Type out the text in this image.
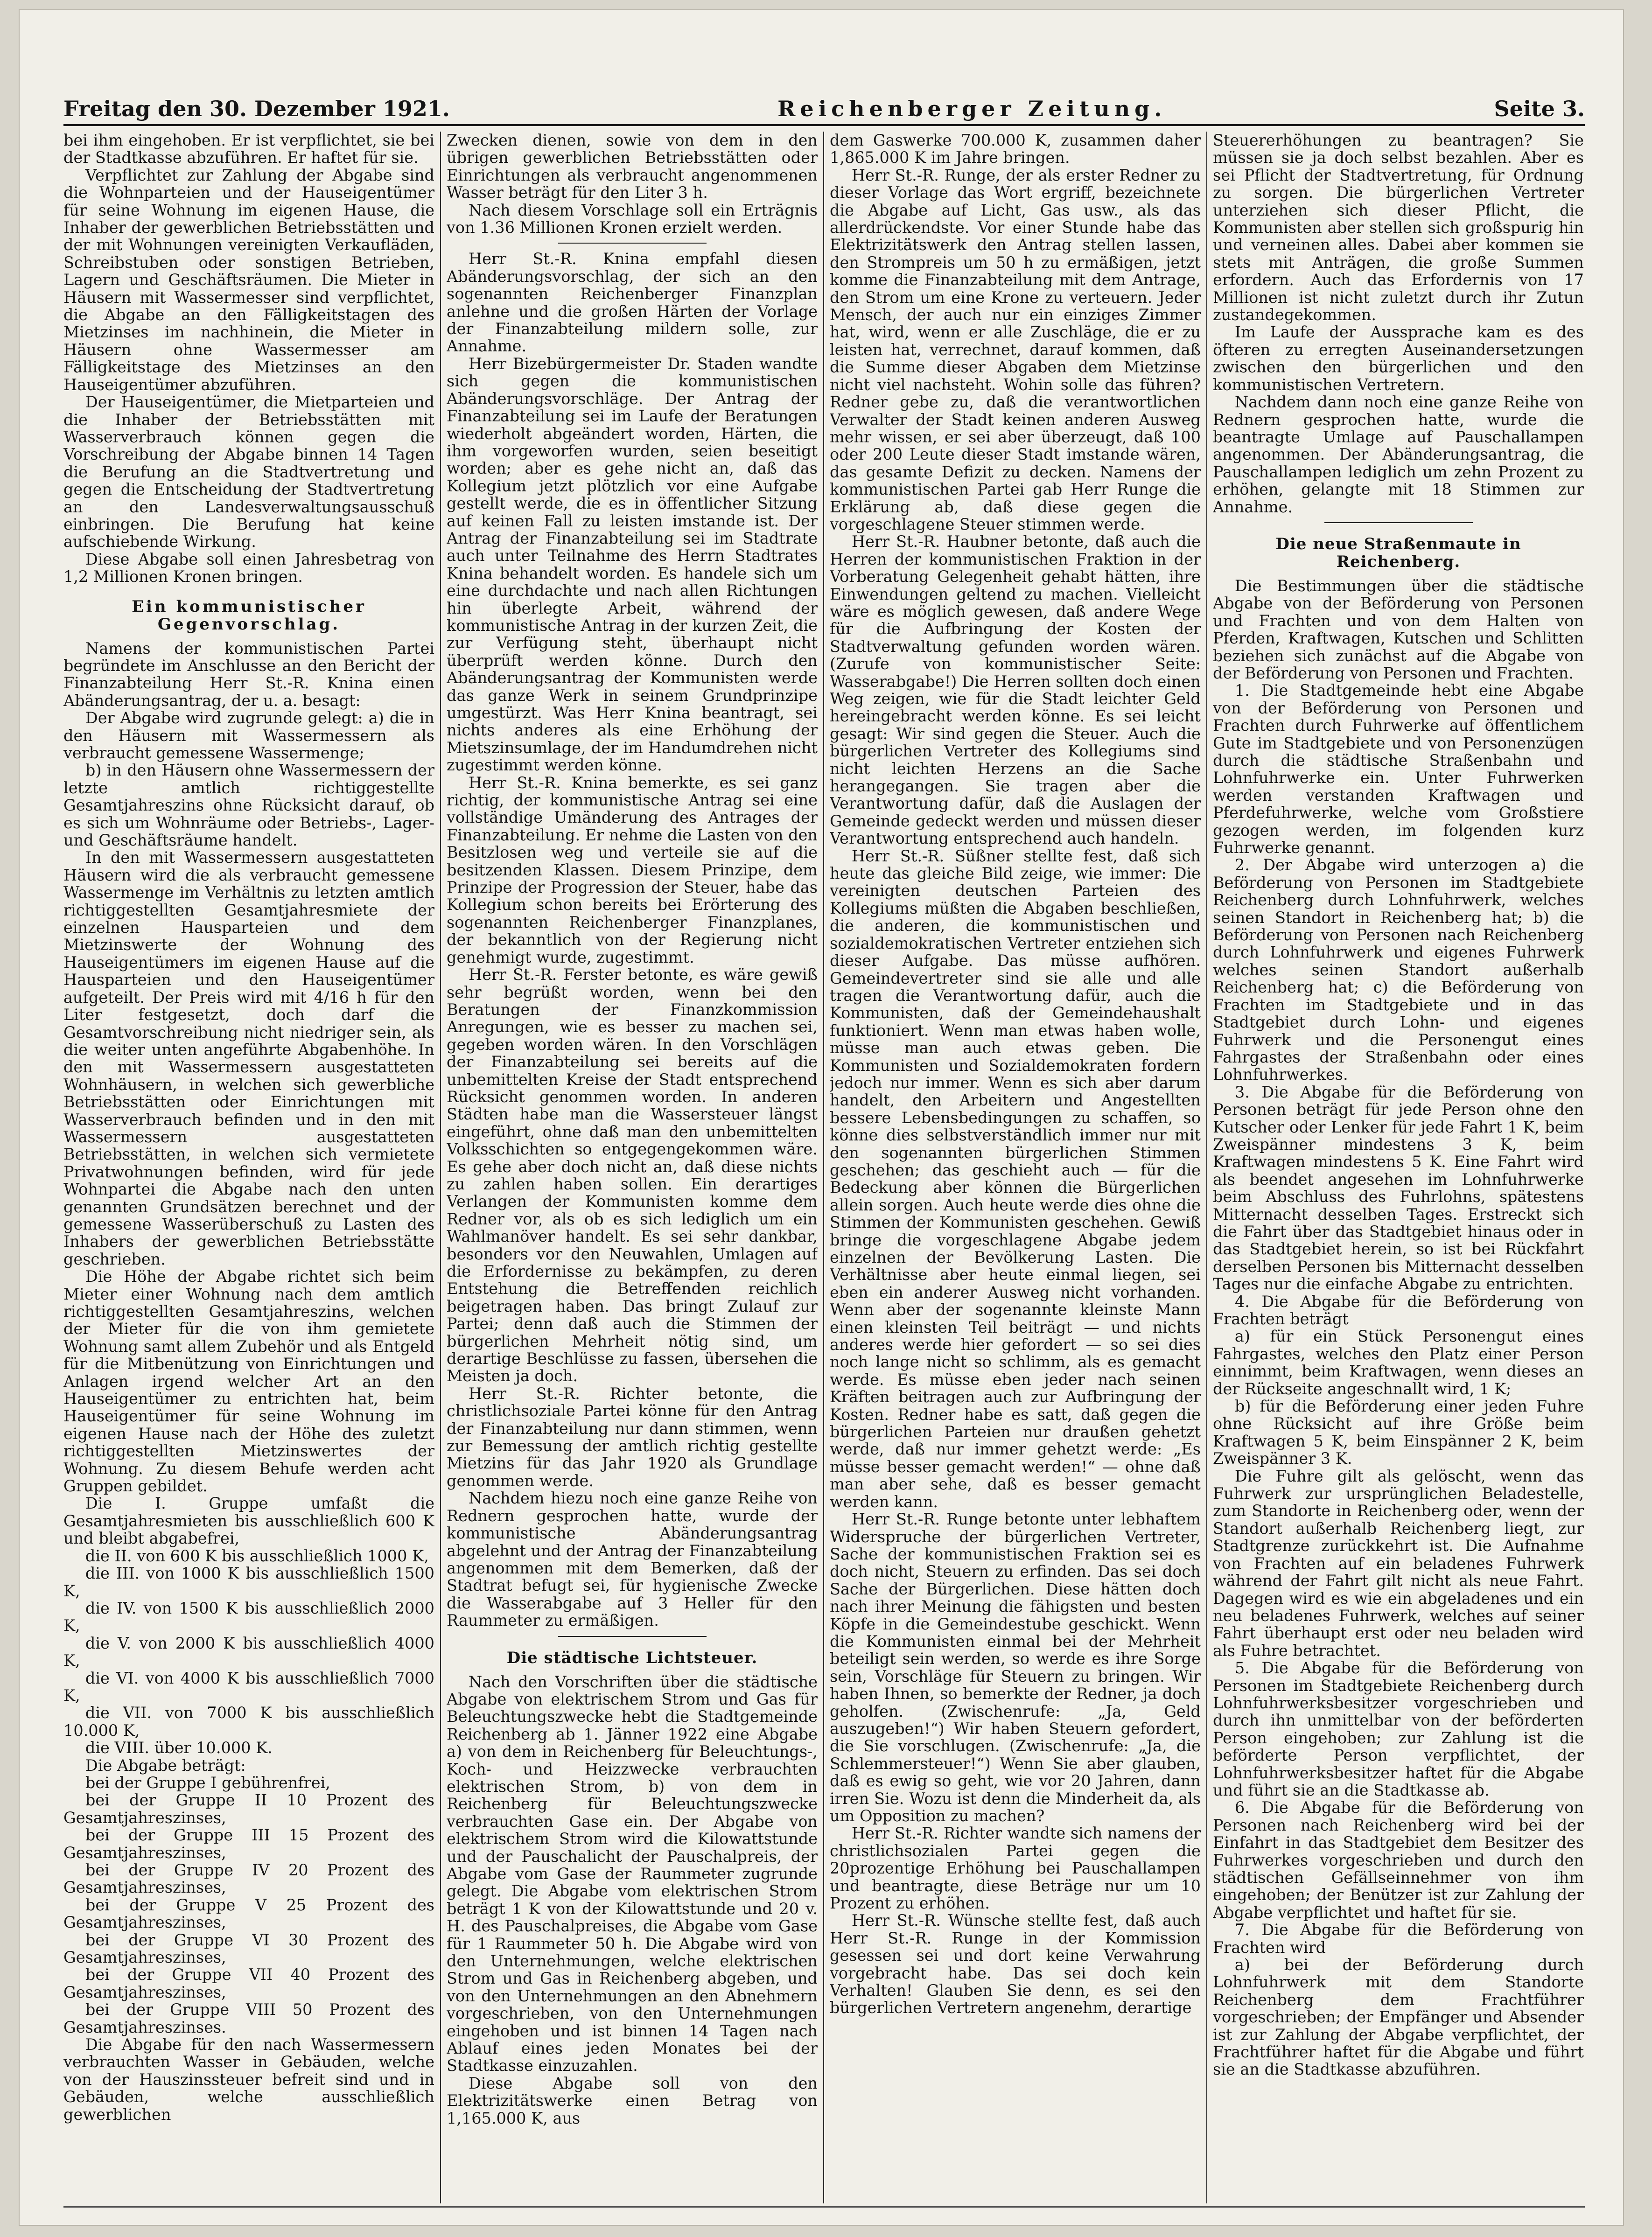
Freitag den 30. Dezember 1921.	Reichenberger Zeitung.	Seite 3.

bei ihm eingehoben. Er ist verpflichtet, sie bei der Stadtkasse abzuführen. Er haftet für sie.

Verpflichtet zur Zahlung der Abgabe sind die Wohnparteien und der Hauseigentümer für seine Wohnung im eigenen Hause, die Inhaber der gewerblichen Betriebsstätten und der mit Wohnungen vereinigten Verkaufläden, Schreibstuben oder sonstigen Betrieben, Lagern und Geschäftsräumen. Die Mieter in Häusern mit Wassermesser sind verpflichtet, die Abgabe an den Fälligkeitstagen des Mietzinses im nachhinein, die Mieter in Häusern ohne Wassermesser am Fälligkeitstage des Mietzinses an den Hauseigentümer abzuführen.

Der Hauseigentümer, die Mietparteien und die Inhaber der Betriebsstätten mit Wasserverbrauch können gegen die Vorschreibung der Abgabe binnen 14 Tagen die Berufung an die Stadtvertretung und gegen die Entscheidung der Stadtvertretung an den Landesverwaltungsausschuß einbringen. Die Berufung hat keine aufschiebende Wirkung.

Diese Abgabe soll einen Jahresbetrag von 1,2 Millionen Kronen bringen.

Ein kommunistischer Gegenvorschlag.

Namens der kommunistischen Partei begründete im Anschlusse an den Bericht der Finanzabteilung Herr St.-R. Knina einen Abänderungsantrag, der u. a. besagt:

Der Abgabe wird zugrunde gelegt: a) die in den Häusern mit Wassermessern als verbraucht gemessene Wassermenge;

b) in den Häusern ohne Wassermessern der letzte amtlich richtiggestellte Gesamtjahreszins ohne Rücksicht darauf, ob es sich um Wohnräume oder Betriebs-, Lager- und Geschäftsräume handelt.

In den mit Wassermessern ausgestatteten Häusern wird die als verbraucht gemessene Wassermenge im Verhältnis zu letzten amtlich richtiggestellten Gesamtjahresmiete der einzelnen Hausparteien und dem Mietzinswerte der Wohnung des Hauseigentümers im eigenen Hause auf die Hausparteien und den Hauseigentümer aufgeteilt. Der Preis wird mit 4/16 h für den Liter festgesetzt, doch darf die Gesamtvorschreibung nicht niedriger sein, als die weiter unten angeführte Abgabenhöhe. In den mit Wassermessern ausgestatteten Wohnhäusern, in welchen sich gewerbliche Betriebsstätten oder Einrichtungen mit Wasserverbrauch befinden und in den mit Wassermessern ausgestatteten Betriebsstätten, in welchen sich vermietete Privatwohnungen befinden, wird für jede Wohnpartei die Abgabe nach den unten genannten Grundsätzen berechnet und der gemessene Wasserüberschuß zu Lasten des Inhabers der gewerblichen Betriebsstätte geschrieben.

Die Höhe der Abgabe richtet sich beim Mieter einer Wohnung nach dem amtlich richtiggestellten Gesamtjahreszins, welchen der Mieter für die von ihm gemietete Wohnung samt allem Zubehör und als Entgeld für die Mitbenützung von Einrichtungen und Anlagen irgend welcher Art an den Hauseigentümer zu entrichten hat, beim Hauseigentümer für seine Wohnung im eigenen Hause nach der Höhe des zuletzt richtiggestellten Mietzinswertes der Wohnung. Zu diesem Behufe werden acht Gruppen gebildet.

Die I. Gruppe umfaßt die Gesamtjahresmieten bis ausschließlich 600 K und bleibt abgabefrei,

die II. von 600 K bis ausschließlich 1000 K,
die III. von 1000 K bis ausschließlich 1500 K,
die IV. von 1500 K bis ausschließlich 2000 K,
die V. von 2000 K bis ausschließlich 4000 K,
die VI. von 4000 K bis ausschließlich 7000 K,
die VII. von 7000 K bis ausschließlich 10.000 K,
die VIII. über 10.000 K.

Die Abgabe beträgt:

bei der Gruppe I gebührenfrei,
bei der Gruppe II 10 Prozent des Gesamtjahreszinses,
bei der Gruppe III 15 Prozent des Gesamtjahreszinses,
bei der Gruppe IV 20 Prozent des Gesamtjahreszinses,
bei der Gruppe V 25 Prozent des Gesamtjahreszinses,
bei der Gruppe VI 30 Prozent des Gesamtjahreszinses,
bei der Gruppe VII 40 Prozent des Gesamtjahreszinses,
bei der Gruppe VIII 50 Prozent des Gesamtjahreszinses.

Die Abgabe für den nach Wassermessern verbrauchten Wasser in Gebäuden, welche von der Hauszinssteuer befreit sind und in Gebäuden, welche ausschließlich gewerblichen

Zwecken dienen, sowie von dem in den übrigen gewerblichen Betriebsstätten oder Einrichtungen als verbraucht angenommenen Wasser beträgt für den Liter 3 h.

Nach diesem Vorschlage soll ein Erträgnis von 1.36 Millionen Kronen erzielt werden.

Herr St.-R. Knina empfahl diesen Abänderungsvorschlag, der sich an den sogenannten Reichenberger Finanzplan anlehne und die großen Härten der Vorlage der Finanzabteilung mildern solle, zur Annahme.

Herr Bizebürgermeister Dr. Staden wandte sich gegen die kommunistischen Abänderungsvorschläge. Der Antrag der Finanzabteilung sei im Laufe der Beratungen wiederholt abgeändert worden, Härten, die ihm vorgeworfen wurden, seien beseitigt worden; aber es gehe nicht an, daß das Kollegium jetzt plötzlich vor eine Aufgabe gestellt werde, die es in öffentlicher Sitzung auf keinen Fall zu leisten imstande ist. Der Antrag der Finanzabteilung sei im Stadtrate auch unter Teilnahme des Herrn Stadtrates Knina behandelt worden. Es handele sich um eine durchdachte und nach allen Richtungen hin überlegte Arbeit, während der kommunistische Antrag in der kurzen Zeit, die zur Verfügung steht, überhaupt nicht überprüft werden könne. Durch den Abänderungsantrag der Kommunisten werde das ganze Werk in seinem Grundprinzipe umgestürzt. Was Herr Knina beantragt, sei nichts anderes als eine Erhöhung der Mietszinsumlage, der im Handumdrehen nicht zugestimmt werden könne.

Herr St.-R. Knina bemerkte, es sei ganz richtig, der kommunistische Antrag sei eine vollständige Umänderung des Antrages der Finanzabteilung. Er nehme die Lasten von den Besitzlosen weg und verteile sie auf die besitzenden Klassen. Diesem Prinzipe, dem Prinzipe der Progression der Steuer, habe das Kollegium schon bereits bei Erörterung des sogenannten Reichenberger Finanzplanes, der bekanntlich von der Regierung nicht genehmigt wurde, zugestimmt.

Herr St.-R. Ferster betonte, es wäre gewiß sehr begrüßt worden, wenn bei den Beratungen der Finanzkommission Anregungen, wie es besser zu machen sei, gegeben worden wären. In den Vorschlägen der Finanzabteilung sei bereits auf die unbemittelten Kreise der Stadt entsprechend Rücksicht genommen worden. In anderen Städten habe man die Wassersteuer längst eingeführt, ohne daß man den unbemittelten Volksschichten so entgegengekommen wäre. Es gehe aber doch nicht an, daß diese nichts zu zahlen haben sollen. Ein derartiges Verlangen der Kommunisten komme dem Redner vor, als ob es sich lediglich um ein Wahlmanöver handelt. Es sei sehr dankbar, besonders vor den Neuwahlen, Umlagen auf die Erfordernisse zu bekämpfen, zu deren Entstehung die Betreffenden reichlich beigetragen haben. Das bringt Zulauf zur Partei; denn daß auch die Stimmen der bürgerlichen Mehrheit nötig sind, um derartige Beschlüsse zu fassen, übersehen die Meisten ja doch.

Herr St.-R. Richter betonte, die christlichsoziale Partei könne für den Antrag der Finanzabteilung nur dann stimmen, wenn zur Bemessung der amtlich richtig gestellte Mietzins für das Jahr 1920 als Grundlage genommen werde.

Nachdem hiezu noch eine ganze Reihe von Rednern gesprochen hatte, wurde der kommunistische Abänderungsantrag abgelehnt und der Antrag der Finanzabteilung angenommen mit dem Bemerken, daß der Stadtrat befugt sei, für hygienische Zwecke die Wasserabgabe auf 3 Heller für den Raummeter zu ermäßigen.

Die städtische Lichtsteuer.

Nach den Vorschriften über die städtische Abgabe von elektrischem Strom und Gas für Beleuchtungszwecke hebt die Stadtgemeinde Reichenberg ab 1. Jänner 1922 eine Abgabe a) von dem in Reichenberg für Beleuchtungs-, Koch- und Heizzwecke verbrauchten elektrischen Strom, b) von dem in Reichenberg für Beleuchtungszwecke verbrauchten Gase ein. Der Abgabe von elektrischem Strom wird die Kilowattstunde und der Pauschalicht der Pauschalpreis, der Abgabe vom Gase der Raummeter zugrunde gelegt. Die Abgabe vom elektrischen Strom beträgt 1 K von der Kilowattstunde und 20 v. H. des Pauschalpreises, die Abgabe vom Gase für 1 Raummeter 50 h. Die Abgabe wird von den Unternehmungen, welche elektrischen Strom und Gas in Reichenberg abgeben, und von den Unternehmungen an den Abnehmern vorgeschrieben, von den Unternehmungen eingehoben und ist binnen 14 Tagen nach Ablauf eines jeden Monates bei der Stadtkasse einzuzahlen.

Diese Abgabe soll von den Elektrizitätswerke einen Betrag von 1,165.000 K, aus

dem Gaswerke 700.000 K, zusammen daher 1,865.000 K im Jahre bringen.

Herr St.-R. Runge, der als erster Redner zu dieser Vorlage das Wort ergriff, bezeichnete die Abgabe auf Licht, Gas usw., als das allerdrückendste. Vor einer Stunde habe das Elektrizitätswerk den Antrag stellen lassen, den Strompreis um 50 h zu ermäßigen, jetzt komme die Finanzabteilung mit dem Antrage, den Strom um eine Krone zu verteuern. Jeder Mensch, der auch nur ein einziges Zimmer hat, wird, wenn er alle Zuschläge, die er zu leisten hat, verrechnet, darauf kommen, daß die Summe dieser Abgaben dem Mietzinse nicht viel nachsteht. Wohin solle das führen? Redner gebe zu, daß die verantwortlichen Verwalter der Stadt keinen anderen Ausweg mehr wissen, er sei aber überzeugt, daß 100 oder 200 Leute dieser Stadt imstande wären, das gesamte Defizit zu decken. Namens der kommunistischen Partei gab Herr Runge die Erklärung ab, daß diese gegen die vorgeschlagene Steuer stimmen werde.

Herr St.-R. Haubner betonte, daß auch die Herren der kommunistischen Fraktion in der Vorberatung Gelegenheit gehabt hätten, ihre Einwendungen geltend zu machen. Vielleicht wäre es möglich gewesen, daß andere Wege für die Aufbringung der Kosten der Stadtverwaltung gefunden worden wären. (Zurufe von kommunistischer Seite: Wasserabgabe!) Die Herren sollten doch einen Weg zeigen, wie für die Stadt leichter Geld hereingebracht werden könne. Es sei leicht gesagt: Wir sind gegen die Steuer. Auch die bürgerlichen Vertreter des Kollegiums sind nicht leichten Herzens an die Sache herangegangen. Sie tragen aber die Verantwortung dafür, daß die Auslagen der Gemeinde gedeckt werden und müssen dieser Verantwortung entsprechend auch handeln.

Herr St.-R. Süßner stellte fest, daß sich heute das gleiche Bild zeige, wie immer: Die vereinigten deutschen Parteien des Kollegiums müßten die Abgaben beschließen, die anderen, die kommunistischen und sozialdemokratischen Vertreter entziehen sich dieser Aufgabe. Das müsse aufhören. Gemeindevertreter sind sie alle und alle tragen die Verantwortung dafür, auch die Kommunisten, daß der Gemeindehaushalt funktioniert. Wenn man etwas haben wolle, müsse man auch etwas geben. Die Kommunisten und Sozialdemokraten fordern jedoch nur immer. Wenn es sich aber darum handelt, den Arbeitern und Angestellten bessere Lebensbedingungen zu schaffen, so könne dies selbstverständlich immer nur mit den sogenannten bürgerlichen Stimmen geschehen; das geschieht auch — für die Bedeckung aber können die Bürgerlichen allein sorgen. Auch heute werde dies ohne die Stimmen der Kommunisten geschehen. Gewiß bringe die vorgeschlagene Abgabe jedem einzelnen der Bevölkerung Lasten. Die Verhältnisse aber heute einmal liegen, sei eben ein anderer Ausweg nicht vorhanden. Wenn aber der sogenannte kleinste Mann einen kleinsten Teil beiträgt — und nichts anderes werde hier gefordert — so sei dies noch lange nicht so schlimm, als es gemacht werde. Es müsse eben jeder nach seinen Kräften beitragen auch zur Aufbringung der Kosten. Redner habe es satt, daß gegen die bürgerlichen Parteien nur draußen gehetzt werde, daß nur immer gehetzt werde: „Es müsse besser gemacht werden!“ — ohne daß man aber sehe, daß es besser gemacht werden kann.

Herr St.-R. Runge betonte unter lebhaftem Widerspruche der bürgerlichen Vertreter, Sache der kommunistischen Fraktion sei es doch nicht, Steuern zu erfinden. Das sei doch Sache der Bürgerlichen. Diese hätten doch nach ihrer Meinung die fähigsten und besten Köpfe in die Gemeindestube geschickt. Wenn die Kommunisten einmal bei der Mehrheit beteiligt sein werden, so werde es ihre Sorge sein, Vorschläge für Steuern zu bringen. Wir haben Ihnen, so bemerkte der Redner, ja doch geholfen. (Zwischenrufe: „Ja, Geld auszugeben!“) Wir haben Steuern gefordert, die Sie vorschlugen. (Zwischenrufe: „Ja, die Schlemmersteuer!“) Wenn Sie aber glauben, daß es ewig so geht, wie vor 20 Jahren, dann irren Sie. Wozu ist denn die Minderheit da, als um Opposition zu machen?

Herr St.-R. Richter wandte sich namens der christlichsozialen Partei gegen die 20prozentige Erhöhung bei Pauschallampen und beantragte, diese Beträge nur um 10 Prozent zu erhöhen.

Herr St.-R. Wünsche stellte fest, daß auch Herr St.-R. Runge in der Kommission gesessen sei und dort keine Verwahrung vorgebracht habe. Das sei doch kein Verhalten! Glauben Sie denn, es sei den bürgerlichen Vertretern angenehm, derartige

Steuererhöhungen zu beantragen? Sie müssen sie ja doch selbst bezahlen. Aber es sei Pflicht der Stadtvertretung, für Ordnung zu sorgen. Die bürgerlichen Vertreter unterziehen sich dieser Pflicht, die Kommunisten aber stellen sich großspurig hin und verneinen alles. Dabei aber kommen sie stets mit Anträgen, die große Summen erfordern. Auch das Erfordernis von 17 Millionen ist nicht zuletzt durch ihr Zutun zustandegekommen.

Im Laufe der Aussprache kam es des öfteren zu erregten Auseinandersetzungen zwischen den bürgerlichen und den kommunistischen Vertretern.

Nachdem dann noch eine ganze Reihe von Rednern gesprochen hatte, wurde die beantragte Umlage auf Pauschallampen angenommen. Der Abänderungsantrag, die Pauschallampen lediglich um zehn Prozent zu erhöhen, gelangte mit 18 Stimmen zur Annahme.

Die neue Straßenmaute in Reichenberg.

Die Bestimmungen über die städtische Abgabe von der Beförderung von Personen und Frachten und von dem Halten von Pferden, Kraftwagen, Kutschen und Schlitten beziehen sich zunächst auf die Abgabe von der Beförderung von Personen und Frachten.

1. Die Stadtgemeinde hebt eine Abgabe von der Beförderung von Personen und Frachten durch Fuhrwerke auf öffentlichem Gute im Stadtgebiete und von Personenzügen durch die städtische Straßenbahn und Lohnfuhrwerke ein. Unter Fuhrwerken werden verstanden Kraftwagen und Pferdefuhrwerke, welche vom Großstiere gezogen werden, im folgenden kurz Fuhrwerke genannt.

2. Der Abgabe wird unterzogen a) die Beförderung von Personen im Stadtgebiete Reichenberg durch Lohnfuhrwerk, welches seinen Standort in Reichenberg hat; b) die Beförderung von Personen nach Reichenberg durch Lohnfuhrwerk und eigenes Fuhrwerk welches seinen Standort außerhalb Reichenberg hat; c) die Beförderung von Frachten im Stadtgebiete und in das Stadtgebiet durch Lohn- und eigenes Fuhrwerk und die Personengut eines Fahrgastes der Straßenbahn oder eines Lohnfuhrwerkes.

3. Die Abgabe für die Beförderung von Personen beträgt für jede Person ohne den Kutscher oder Lenker für jede Fahrt 1 K, beim Zweispänner mindestens 3 K, beim Kraftwagen mindestens 5 K. Eine Fahrt wird als beendet angesehen im Lohnfuhrwerke beim Abschluss des Fuhrlohns, spätestens Mitternacht desselben Tages. Erstreckt sich die Fahrt über das Stadtgebiet hinaus oder in das Stadtgebiet herein, so ist bei Rückfahrt derselben Personen bis Mitternacht desselben Tages nur die einfache Abgabe zu entrichten.

4. Die Abgabe für die Beförderung von Frachten beträgt

a) für ein Stück Personengut eines Fahrgastes, welches den Platz einer Person einnimmt, beim Kraftwagen, wenn dieses an der Rückseite angeschnallt wird, 1 K;

b) für die Beförderung einer jeden Fuhre ohne Rücksicht auf ihre Größe beim Kraftwagen 5 K, beim Einspänner 2 K, beim Zweispänner 3 K.

Die Fuhre gilt als gelöscht, wenn das Fuhrwerk zur ursprünglichen Beladestelle, zum Standorte in Reichenberg oder, wenn der Standort außerhalb Reichenberg liegt, zur Stadtgrenze zurückkehrt ist. Die Aufnahme von Frachten auf ein beladenes Fuhrwerk während der Fahrt gilt nicht als neue Fahrt. Dagegen wird es wie ein abgeladenes und ein neu beladenes Fuhrwerk, welches auf seiner Fahrt überhaupt erst oder neu beladen wird als Fuhre betrachtet.

5. Die Abgabe für die Beförderung von Personen im Stadtgebiete Reichenberg durch Lohnfuhrwerksbesitzer vorgeschrieben und durch ihn unmittelbar von der beförderten Person eingehoben; zur Zahlung ist die beförderte Person verpflichtet, der Lohnfuhrwerksbesitzer haftet für die Abgabe und führt sie an die Stadtkasse ab.

6. Die Abgabe für die Beförderung von Personen nach Reichenberg wird bei der Einfahrt in das Stadtgebiet dem Besitzer des Fuhrwerkes vorgeschrieben und durch den städtischen Gefällseinnehmer von ihm eingehoben; der Benützer ist zur Zahlung der Abgabe verpflichtet und haftet für sie.

7. Die Abgabe für die Beförderung von Frachten wird

a) bei der Beförderung durch Lohnfuhrwerk mit dem Standorte Reichenberg dem Frachtführer vorgeschrieben; der Empfänger und Absender ist zur Zahlung der Abgabe verpflichtet, der Frachtführer haftet für die Abgabe und führt sie an die Stadtkasse abzuführen.
